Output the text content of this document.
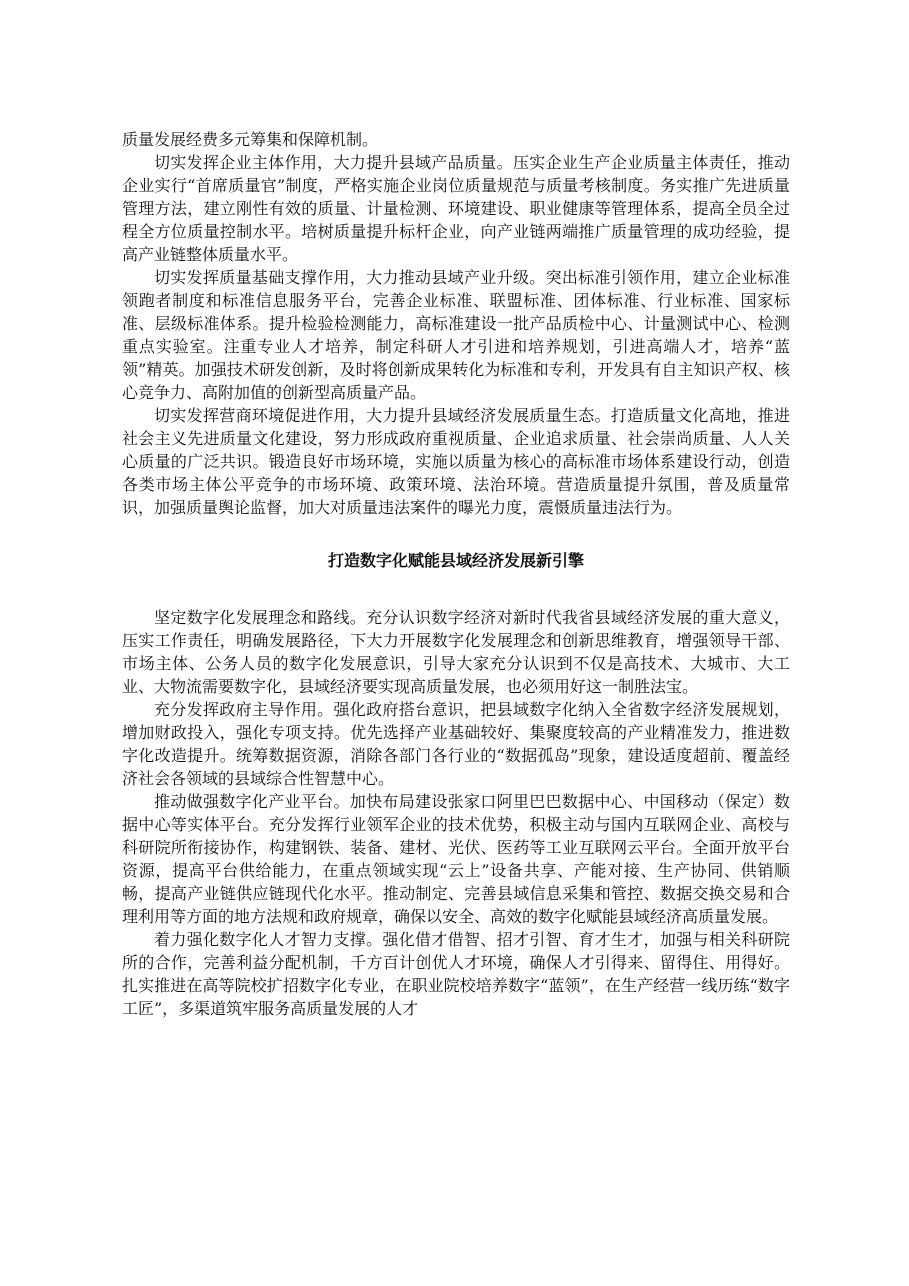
质量发展经费多元筹集和保障机制。

切实发挥企业主体作用，大力提升县域产品质量。压实企业生产企业质量主体责任，推动企业实行“首席质量官”制度，严格实施企业岗位质量规范与质量考核制度。务实推广先进质量管理方法，建立刚性有效的质量、计量检测、环境建设、职业健康等管理体系，提高全员全过程全方位质量控制水平。培树质量提升标杆企业，向产业链两端推广质量管理的成功经验，提高产业链整体质量水平。

切实发挥质量基础支撑作用，大力推动县域产业升级。突出标准引领作用，建立企业标准领跑者制度和标准信息服务平台，完善企业标准、联盟标准、团体标准、行业标准、国家标准、层级标准体系。提升检验检测能力，高标准建设一批产品质检中心、计量测试中心、检测重点实验室。注重专业人才培养，制定科研人才引进和培养规划，引进高端人才，培养“蓝领”精英。加强技术研发创新，及时将创新成果转化为标准和专利，开发具有自主知识产权、核心竞争力、高附加值的创新型高质量产品。

切实发挥营商环境促进作用，大力提升县域经济发展质量生态。打造质量文化高地，推进社会主义先进质量文化建设，努力形成政府重视质量、企业追求质量、社会崇尚质量、人人关心质量的广泛共识。锻造良好市场环境，实施以质量为核心的高标准市场体系建设行动，创造各类市场主体公平竞争的市场环境、政策环境、法治环境。营造质量提升氛围，普及质量常识，加强质量舆论监督，加大对质量违法案件的曝光力度，震慑质量违法行为。

打造数字化赋能县域经济发展新引擎

坚定数字化发展理念和路线。充分认识数字经济对新时代我省县域经济发展的重大意义，压实工作责任，明确发展路径，下大力开展数字化发展理念和创新思维教育，增强领导干部、市场主体、公务人员的数字化发展意识，引导大家充分认识到不仅是高技术、大城市、大工业、大物流需要数字化，县域经济要实现高质量发展，也必须用好这一制胜法宝。

充分发挥政府主导作用。强化政府搭台意识，把县域数字化纳入全省数字经济发展规划，增加财政投入，强化专项支持。优先选择产业基础较好、集聚度较高的产业精准发力，推进数字化改造提升。统筹数据资源，消除各部门各行业的“数据孤岛”现象，建设适度超前、覆盖经济社会各领域的县域综合性智慧中心。

推动做强数字化产业平台。加快布局建设张家口阿里巴巴数据中心、中国移动（保定）数据中心等实体平台。充分发挥行业领军企业的技术优势，积极主动与国内互联网企业、高校与科研院所衔接协作，构建钢铁、装备、建材、光伏、医药等工业互联网云平台。全面开放平台资源，提高平台供给能力，在重点领域实现“云上”设备共享、产能对接、生产协同、供销顺畅，提高产业链供应链现代化水平。推动制定、完善县域信息采集和管控、数据交换交易和合理利用等方面的地方法规和政府规章，确保以安全、高效的数字化赋能县域经济高质量发展。

着力强化数字化人才智力支撑。强化借才借智、招才引智、育才生才，加强与相关科研院所的合作，完善利益分配机制，千方百计创优人才环境，确保人才引得来、留得住、用得好。扎实推进在高等院校扩招数字化专业，在职业院校培养数字“蓝领”，在生产经营一线历练“数字工匠”，多渠道筑牢服务高质量发展的人才
